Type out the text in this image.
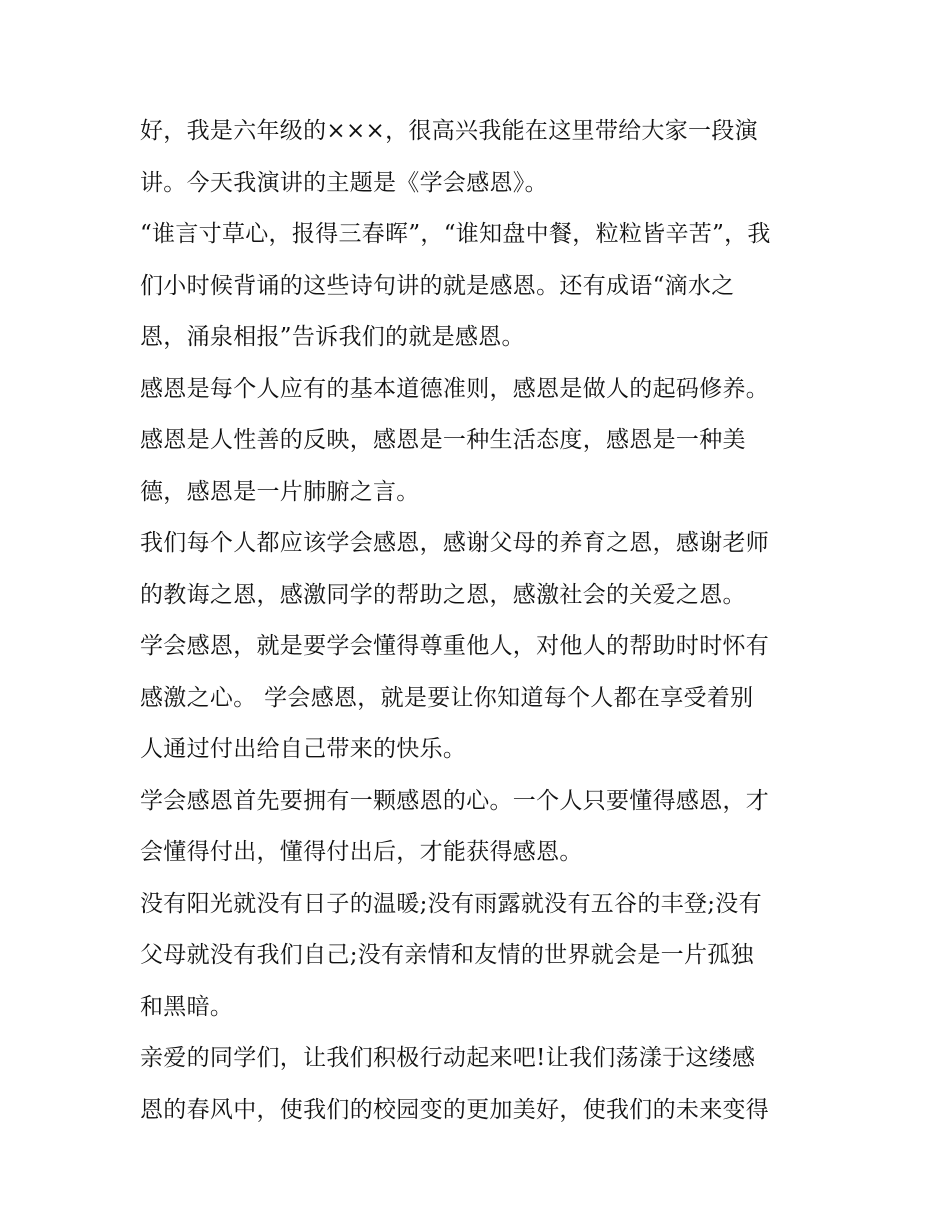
好，我是六年级的×××，很高兴我能在这里带给大家一段演
讲。今天我演讲的主题是《学会感恩》。

“谁言寸草心，报得三春晖”，“谁知盘中餐，粒粒皆辛苦”，我
们小时候背诵的这些诗句讲的就是感恩。还有成语“滴水之
恩，涌泉相报”告诉我们的就是感恩。

感恩是每个人应有的基本道德准则，感恩是做人的起码修养。
感恩是人性善的反映，感恩是一种生活态度，感恩是一种美
德，感恩是一片肺腑之言。

我们每个人都应该学会感恩，感谢父母的养育之恩，感谢老师
的教诲之恩，感激同学的帮助之恩，感激社会的关爱之恩。

学会感恩，就是要学会懂得尊重他人，对他人的帮助时时怀有
感激之心。 学会感恩，就是要让你知道每个人都在享受着别
人通过付出给自己带来的快乐。

学会感恩首先要拥有一颗感恩的心。一个人只要懂得感恩，才
会懂得付出，懂得付出后，才能获得感恩。

没有阳光就没有日子的温暖;没有雨露就没有五谷的丰登;没有
父母就没有我们自己;没有亲情和友情的世界就会是一片孤独
和黑暗。

亲爱的同学们，让我们积极行动起来吧!让我们荡漾于这缕感
恩的春风中，使我们的校园变的更加美好，使我们的未来变得
